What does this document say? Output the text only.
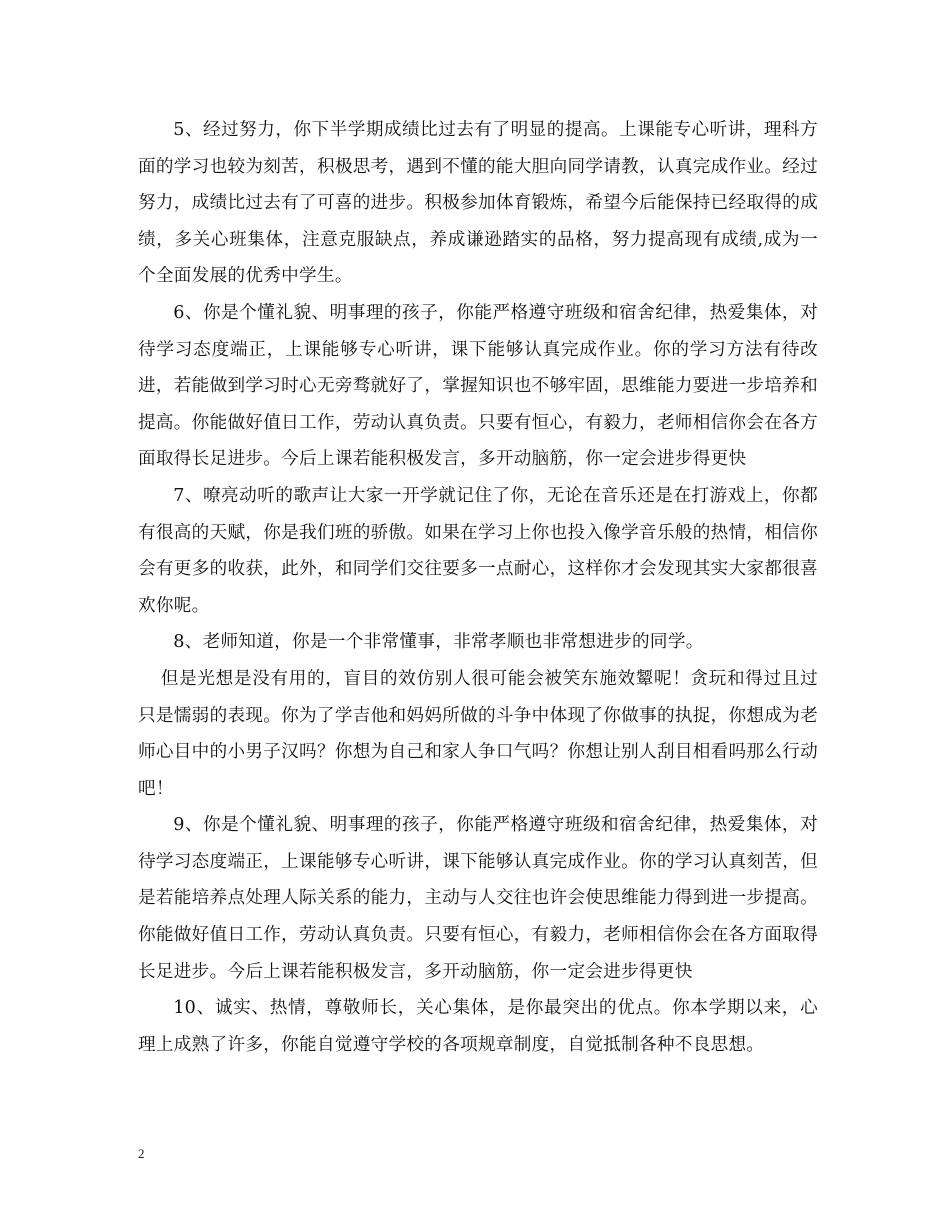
5、经过努力，你下半学期成绩比过去有了明显的提高。上课能专心听讲，理科方面的学习也较为刻苦，积极思考，遇到不懂的能大胆向同学请教，认真完成作业。经过努力，成绩比过去有了可喜的进步。积极参加体育锻炼，希望今后能保持已经取得的成绩，多关心班集体，注意克服缺点，养成谦逊踏实的品格，努力提高现有成绩,成为一个全面发展的优秀中学生。

6、你是个懂礼貌、明事理的孩子，你能严格遵守班级和宿舍纪律，热爱集体，对待学习态度端正，上课能够专心听讲，课下能够认真完成作业。你的学习方法有待改进，若能做到学习时心无旁骛就好了，掌握知识也不够牢固，思维能力要进一步培养和提高。你能做好值日工作，劳动认真负责。只要有恒心，有毅力，老师相信你会在各方面取得长足进步。今后上课若能积极发言，多开动脑筋，你一定会进步得更快

7、嘹亮动听的歌声让大家一开学就记住了你，无论在音乐还是在打游戏上，你都有很高的天赋，你是我们班的骄傲。如果在学习上你也投入像学音乐般的热情，相信你会有更多的收获，此外，和同学们交往要多一点耐心，这样你才会发现其实大家都很喜欢你呢。

8、老师知道，你是一个非常懂事，非常孝顺也非常想进步的同学。

但是光想是没有用的，盲目的效仿别人很可能会被笑东施效颦呢！贪玩和得过且过只是懦弱的表现。你为了学吉他和妈妈所做的斗争中体现了你做事的执捉，你想成为老师心目中的小男子汉吗？你想为自己和家人争口气吗？你想让别人刮目相看吗那么行动吧！

9、你是个懂礼貌、明事理的孩子，你能严格遵守班级和宿舍纪律，热爱集体，对待学习态度端正，上课能够专心听讲，课下能够认真完成作业。你的学习认真刻苦，但是若能培养点处理人际关系的能力，主动与人交往也许会使思维能力得到进一步提高。你能做好值日工作，劳动认真负责。只要有恒心，有毅力，老师相信你会在各方面取得长足进步。今后上课若能积极发言，多开动脑筋，你一定会进步得更快

10、诚实、热情，尊敬师长，关心集体，是你最突出的优点。你本学期以来，心理上成熟了许多，你能自觉遵守学校的各项规章制度，自觉抵制各种不良思想。

2
